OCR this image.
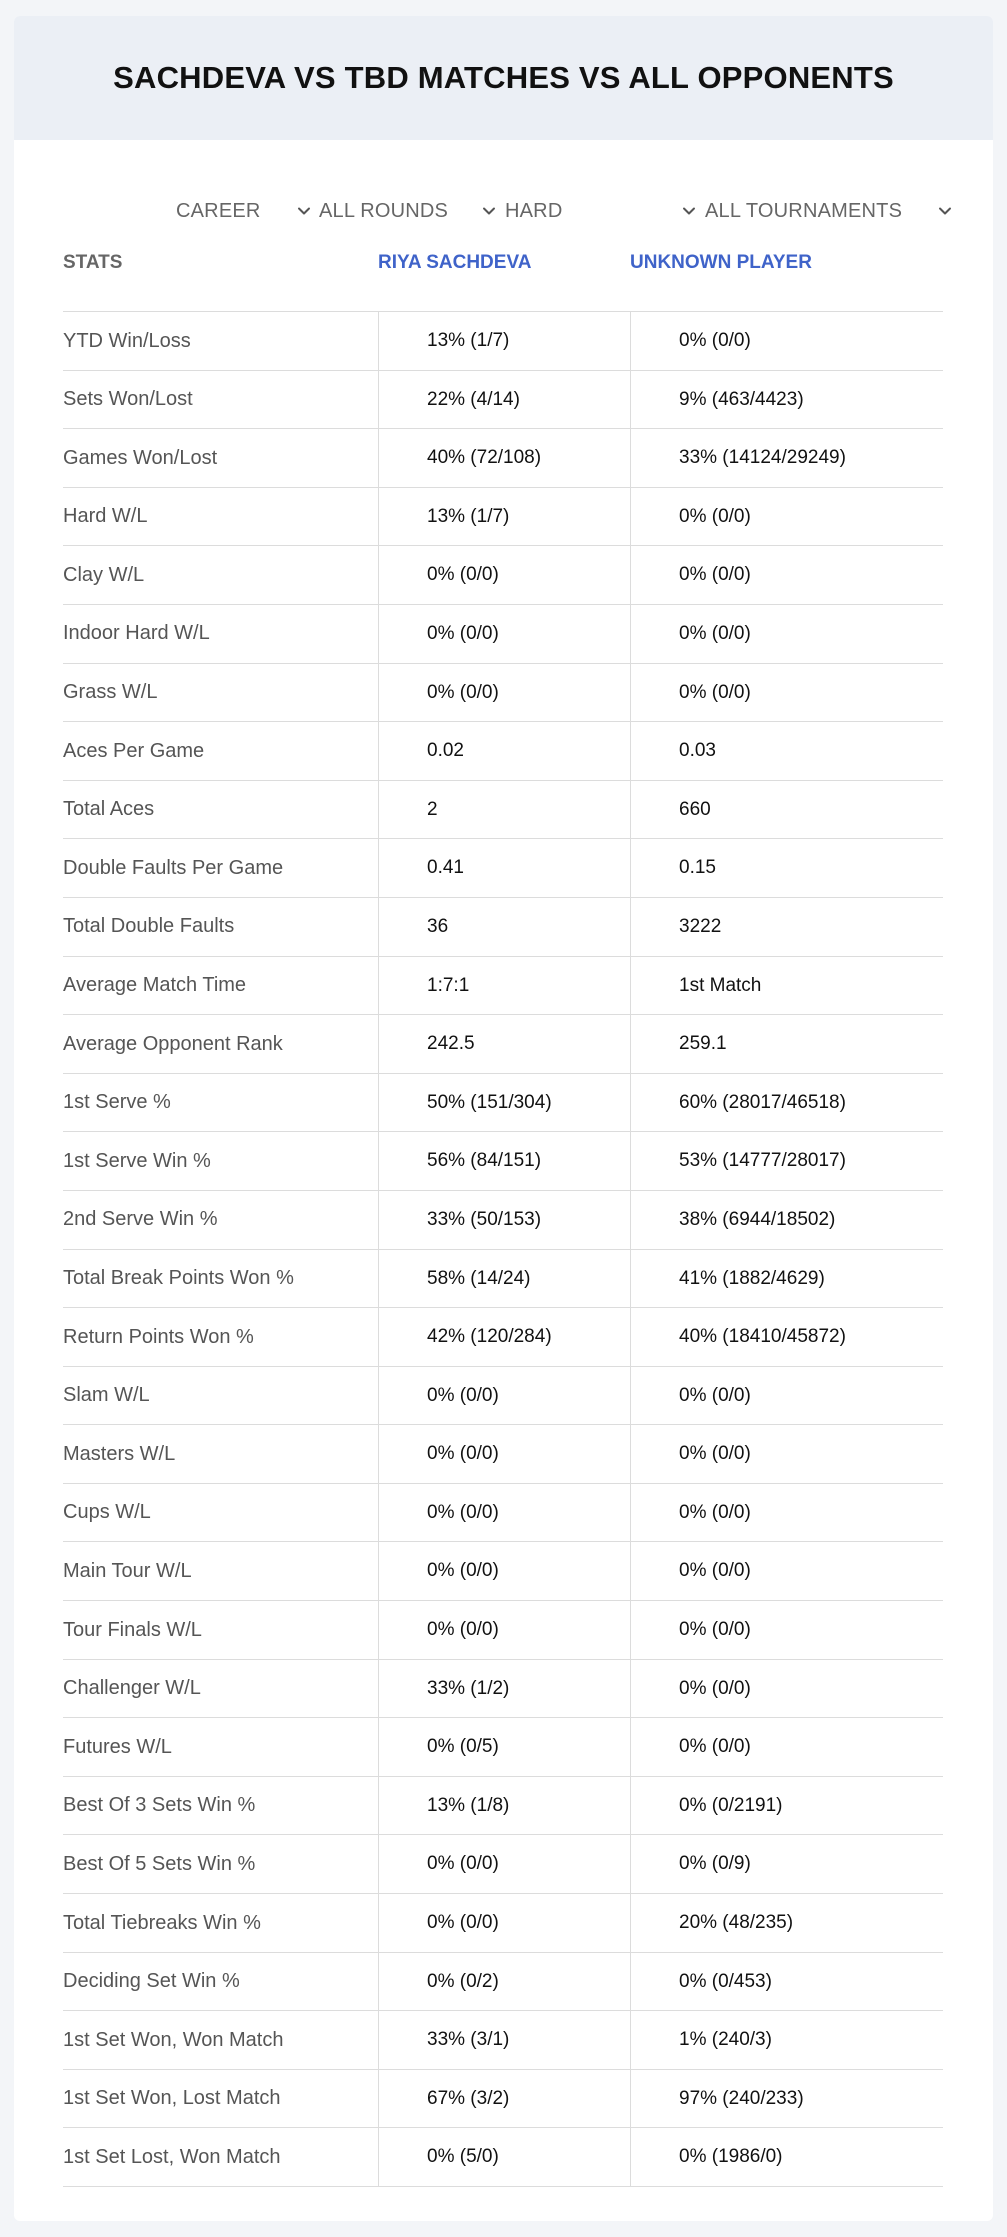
SACHDEVA VS TBD MATCHES VS ALL OPPONENTS
CAREER	ALL ROUNDS	HARD	ALL TOURNAMENTS
STATS	RIYA SACHDEVA	UNKNOWN PLAYER
YTD Win/Loss	13% (1/7)	0% (0/0)
Sets Won/Lost	22% (4/14)	9% (463/4423)
Games Won/Lost	40% (72/108)	33% (14124/29249)
Hard W/L	13% (1/7)	0% (0/0)
Clay W/L	0% (0/0)	0% (0/0)
Indoor Hard W/L	0% (0/0)	0% (0/0)
Grass W/L	0% (0/0)	0% (0/0)
Aces Per Game	0.02	0.03
Total Aces	2	660
Double Faults Per Game	0.41	0.15
Total Double Faults	36	3222
Average Match Time	1:7:1	1st Match
Average Opponent Rank	242.5	259.1
1st Serve %	50% (151/304)	60% (28017/46518)
1st Serve Win %	56% (84/151)	53% (14777/28017)
2nd Serve Win %	33% (50/153)	38% (6944/18502)
Total Break Points Won %	58% (14/24)	41% (1882/4629)
Return Points Won %	42% (120/284)	40% (18410/45872)
Slam W/L	0% (0/0)	0% (0/0)
Masters W/L	0% (0/0)	0% (0/0)
Cups W/L	0% (0/0)	0% (0/0)
Main Tour W/L	0% (0/0)	0% (0/0)
Tour Finals W/L	0% (0/0)	0% (0/0)
Challenger W/L	33% (1/2)	0% (0/0)
Futures W/L	0% (0/5)	0% (0/0)
Best Of 3 Sets Win %	13% (1/8)	0% (0/2191)
Best Of 5 Sets Win %	0% (0/0)	0% (0/9)
Total Tiebreaks Win %	0% (0/0)	20% (48/235)
Deciding Set Win %	0% (0/2)	0% (0/453)
1st Set Won, Won Match	33% (3/1)	1% (240/3)
1st Set Won, Lost Match	67% (3/2)	97% (240/233)
1st Set Lost, Won Match	0% (5/0)	0% (1986/0)
